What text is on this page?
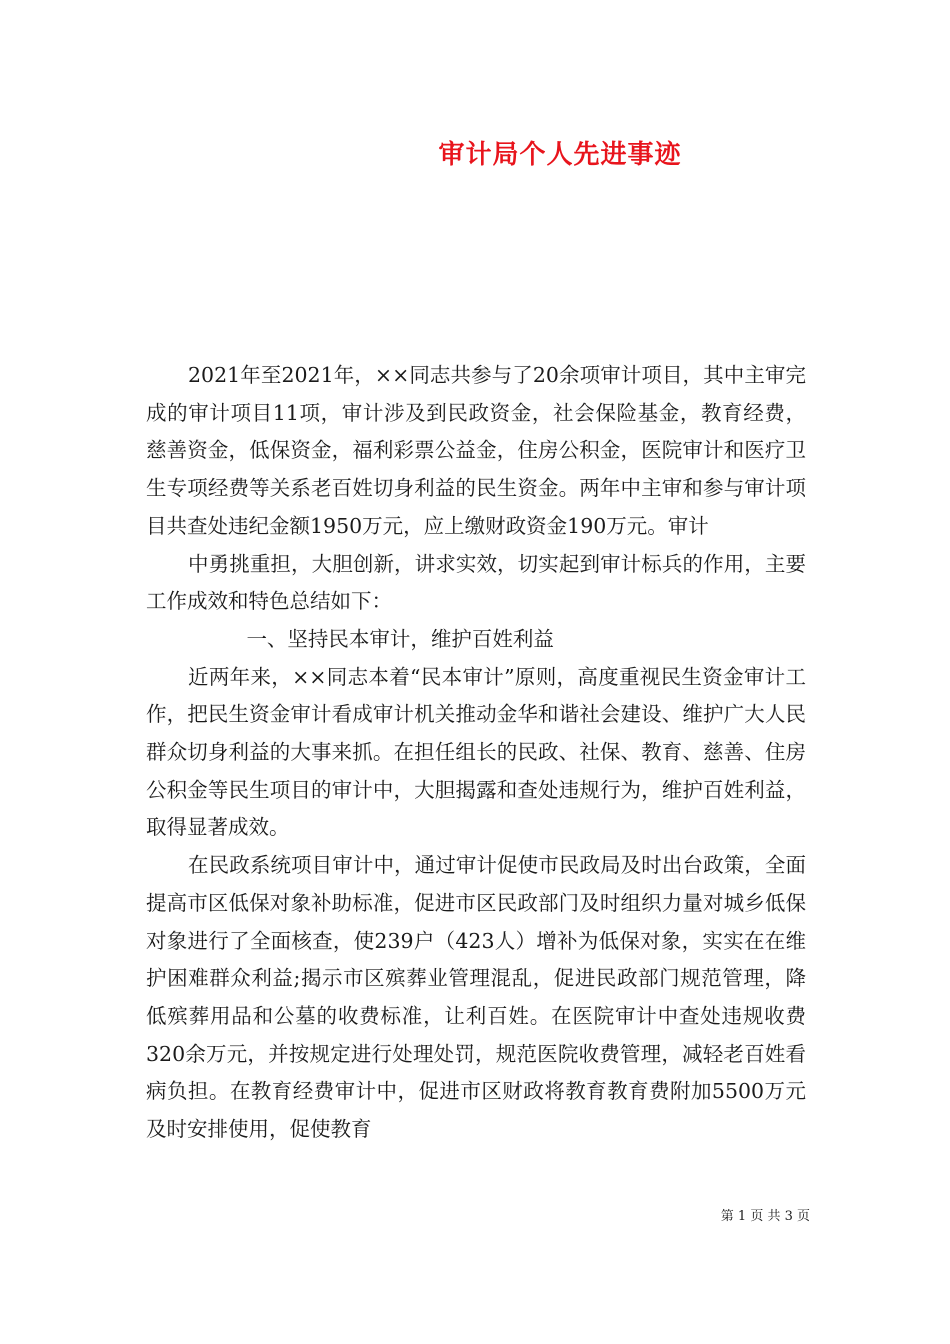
审计局个人先进事迹

2021年至2021年，××同志共参与了20余项审计项目，其中主审完成的审计项目11项，审计涉及到民政资金，社会保险基金，教育经费，慈善资金，低保资金，福利彩票公益金，住房公积金，医院审计和医疗卫生专项经费等关系老百姓切身利益的民生资金。两年中主审和参与审计项目共查处违纪金额1950万元，应上缴财政资金190万元。审计

中勇挑重担，大胆创新，讲求实效，切实起到审计标兵的作用，主要工作成效和特色总结如下：

一、坚持民本审计，维护百姓利益

近两年来，××同志本着“民本审计”原则，高度重视民生资金审计工作，把民生资金审计看成审计机关推动金华和谐社会建设、维护广大人民群众切身利益的大事来抓。在担任组长的民政、社保、教育、慈善、住房公积金等民生项目的审计中，大胆揭露和查处违规行为，维护百姓利益，取得显著成效。

在民政系统项目审计中，通过审计促使市民政局及时出台政策，全面提高市区低保对象补助标准，促进市区民政部门及时组织力量对城乡低保对象进行了全面核查，使239户（423人）增补为低保对象，实实在在维护困难群众利益;揭示市区殡葬业管理混乱，促进民政部门规范管理，降低殡葬用品和公墓的收费标准，让利百姓。在医院审计中查处违规收费320余万元，并按规定进行处理处罚，规范医院收费管理，减轻老百姓看病负担。在教育经费审计中，促进市区财政将教育教育费附加5500万元及时安排使用，促使教育

第 1 页 共 3 页
